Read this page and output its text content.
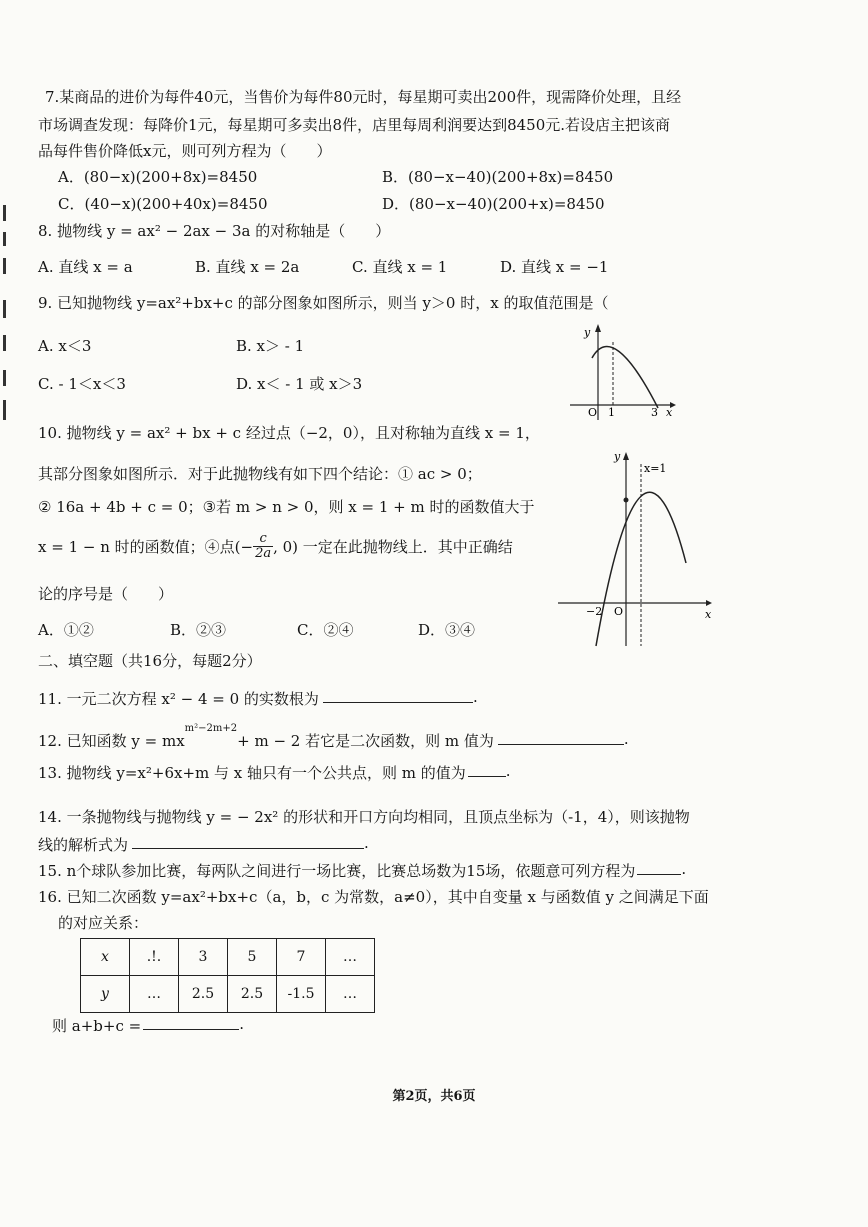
7.某商品的进价为每件40元，当售价为每件80元时，每星期可卖出200件，现需降价处理，且经
市场调查发现：每降价1元，每星期可多卖出8件，店里每周利润要达到8450元.若设店主把该商
品每件售价降低x元，则可列方程为（　　）
A．(80−x)(200+8x)=8450	B．(80−x−40)(200+8x)=8450
C．(40−x)(200+40x)=8450	D．(80−x−40)(200+x)=8450
8. 抛物线 y = ax² − 2ax − 3a 的对称轴是（　　）
A. 直线 x = a	B. 直线 x = 2a	C. 直线 x = 1	D. 直线 x = −1
9. 已知抛物线 y=ax²+bx+c 的部分图象如图所示，则当 y＞0 时，x 的取值范围是（
A. x＜3	B. x＞ - 1
C. - 1＜x＜3	D. x＜ - 1 或 x＞3
y
x
O 1	3
10. 抛物线 y = ax² + bx + c 经过点（−2，0），且对称轴为直线 x = 1，
其部分图象如图所示．对于此抛物线有如下四个结论：① ac > 0；
② 16a + 4b + c = 0；③若 m > n > 0，则 x = 1 + m 时的函数值大于
x = 1 − n 时的函数值；④点(− $\frac{c}{2a}$ , 0) 一定在此抛物线上．其中正确结
论的序号是（　　）
A．①②	B．②③	C．②④	D．③④
y
x=1
x
O
−2
二、填空题（共16分，每题2分）
11. 一元二次方程 x² − 4 = 0 的实数根为	.
12. 已知函数 y = mx
m²−2m+2
+ m − 2 若它是二次函数，则 m 值为	.
13. 抛物线 y=x²+6x+m 与 x 轴只有一个公共点，则 m 的值为	.
14. 一条抛物线与抛物线 y = − 2x² 的形状和开口方向均相同，且顶点坐标为（-1，4），则该抛物
线的解析式为	.
15. n个球队参加比赛，每两队之间进行一场比赛，比赛总场数为15场，依题意可列方程为	.
16. 已知二次函数 y=ax²+bx+c（a，b，c 为常数，a≠0），其中自变量 x 与函数值 y 之间满足下面
的对应关系：
x	.!.	3	5	7	…
y	…	2.5	2.5	-1.5	…
则 a+b+c =	.
第2页，共6页
